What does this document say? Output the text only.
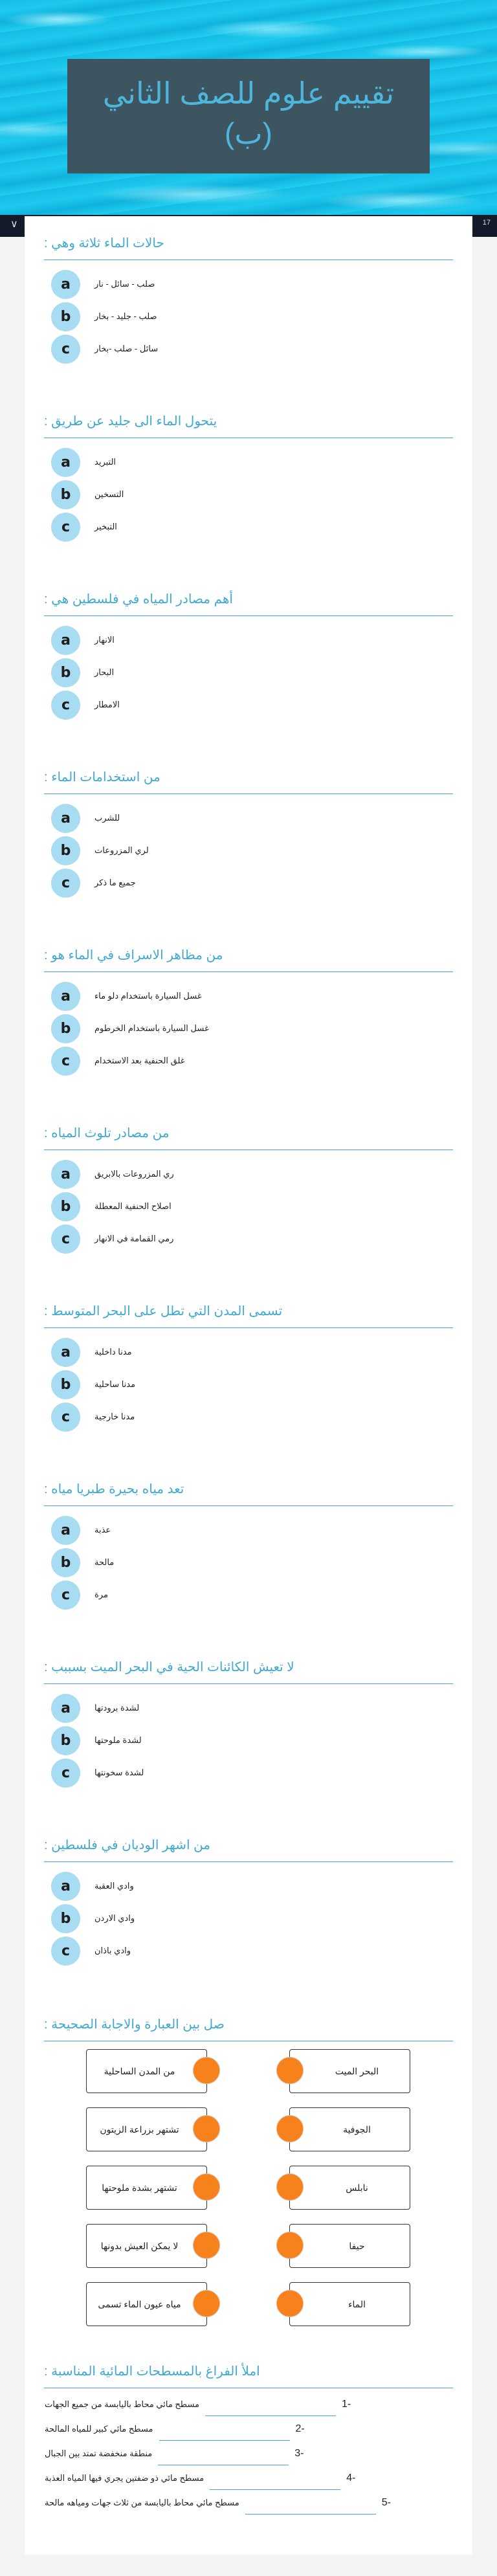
تقييم علوم للصف الثاني
(ب)
∨	17
حالات الماء ثلاثة وهي :
a	صلب - سائل - نار
b	صلب - جليد - بخار
c	سائل - صلب -بخار
يتحول الماء الى جليد عن طريق :
a	التبريد
b	التسخين
c	التبخير
أهم مصادر المياه في فلسطين هي :
a	الانهار
b	البحار
c	الامطار
من استخدامات الماء :
a	للشرب
b	لري المزروعات
c	جميع ما ذكر
من مظاهر الاسراف في الماء هو :
a	غسل السيارة باستخدام دلو ماء
b	غسل السيارة باستخدام الخرطوم
c	غلق الحنفية بعد الاستخدام
من مصادر تلوث المياه :
a	ري المزروعات بالابريق
b	اصلاح الحنفية المعطلة
c	رمي القمامة في الانهار
تسمى المدن التي تطل على البحر المتوسط :
a	مدنا داخلية
b	مدنا ساحلية
c	مدنا خارجية
تعد مياه بحيرة طبريا مياه :
a	عذبة
b	مالحة
c	مرة
لا تعيش الكائنات الحية في البحر الميت بسببب :
a	لشدة برودتها
b	لشدة ملوحتها
c	لشدة سخونتها
من اشهر الوديان في فلسطين :
a	وادي العقبة
b	وادي الاردن
c	وادي باذان
صل بين العبارة والاجابة الصحيحة :
من المدن الساحلية	البحر الميت
تشتهر بزراعة الزيتون	الجوفية
تشتهر بشدة ملوحتها	نابلس
لا يمكن العيش بدونها	حيفا
مياه عيون الماء تسمى	الماء
املأ الفراغ بالمسطحات المائية المناسبة :
مسطح مائي محاط باليابسة من جميع الجهات	1-
مسطح مائي كبير للمياه المالحة	2-
منطقة منخفضة تمتد بين الجبال	3-
مسطح مائي ذو ضفتين يجري فيها المياه العذبة	4-
مسطح مائي محاط باليابسة من ثلاث جهات ومياهه مالحة	5-
